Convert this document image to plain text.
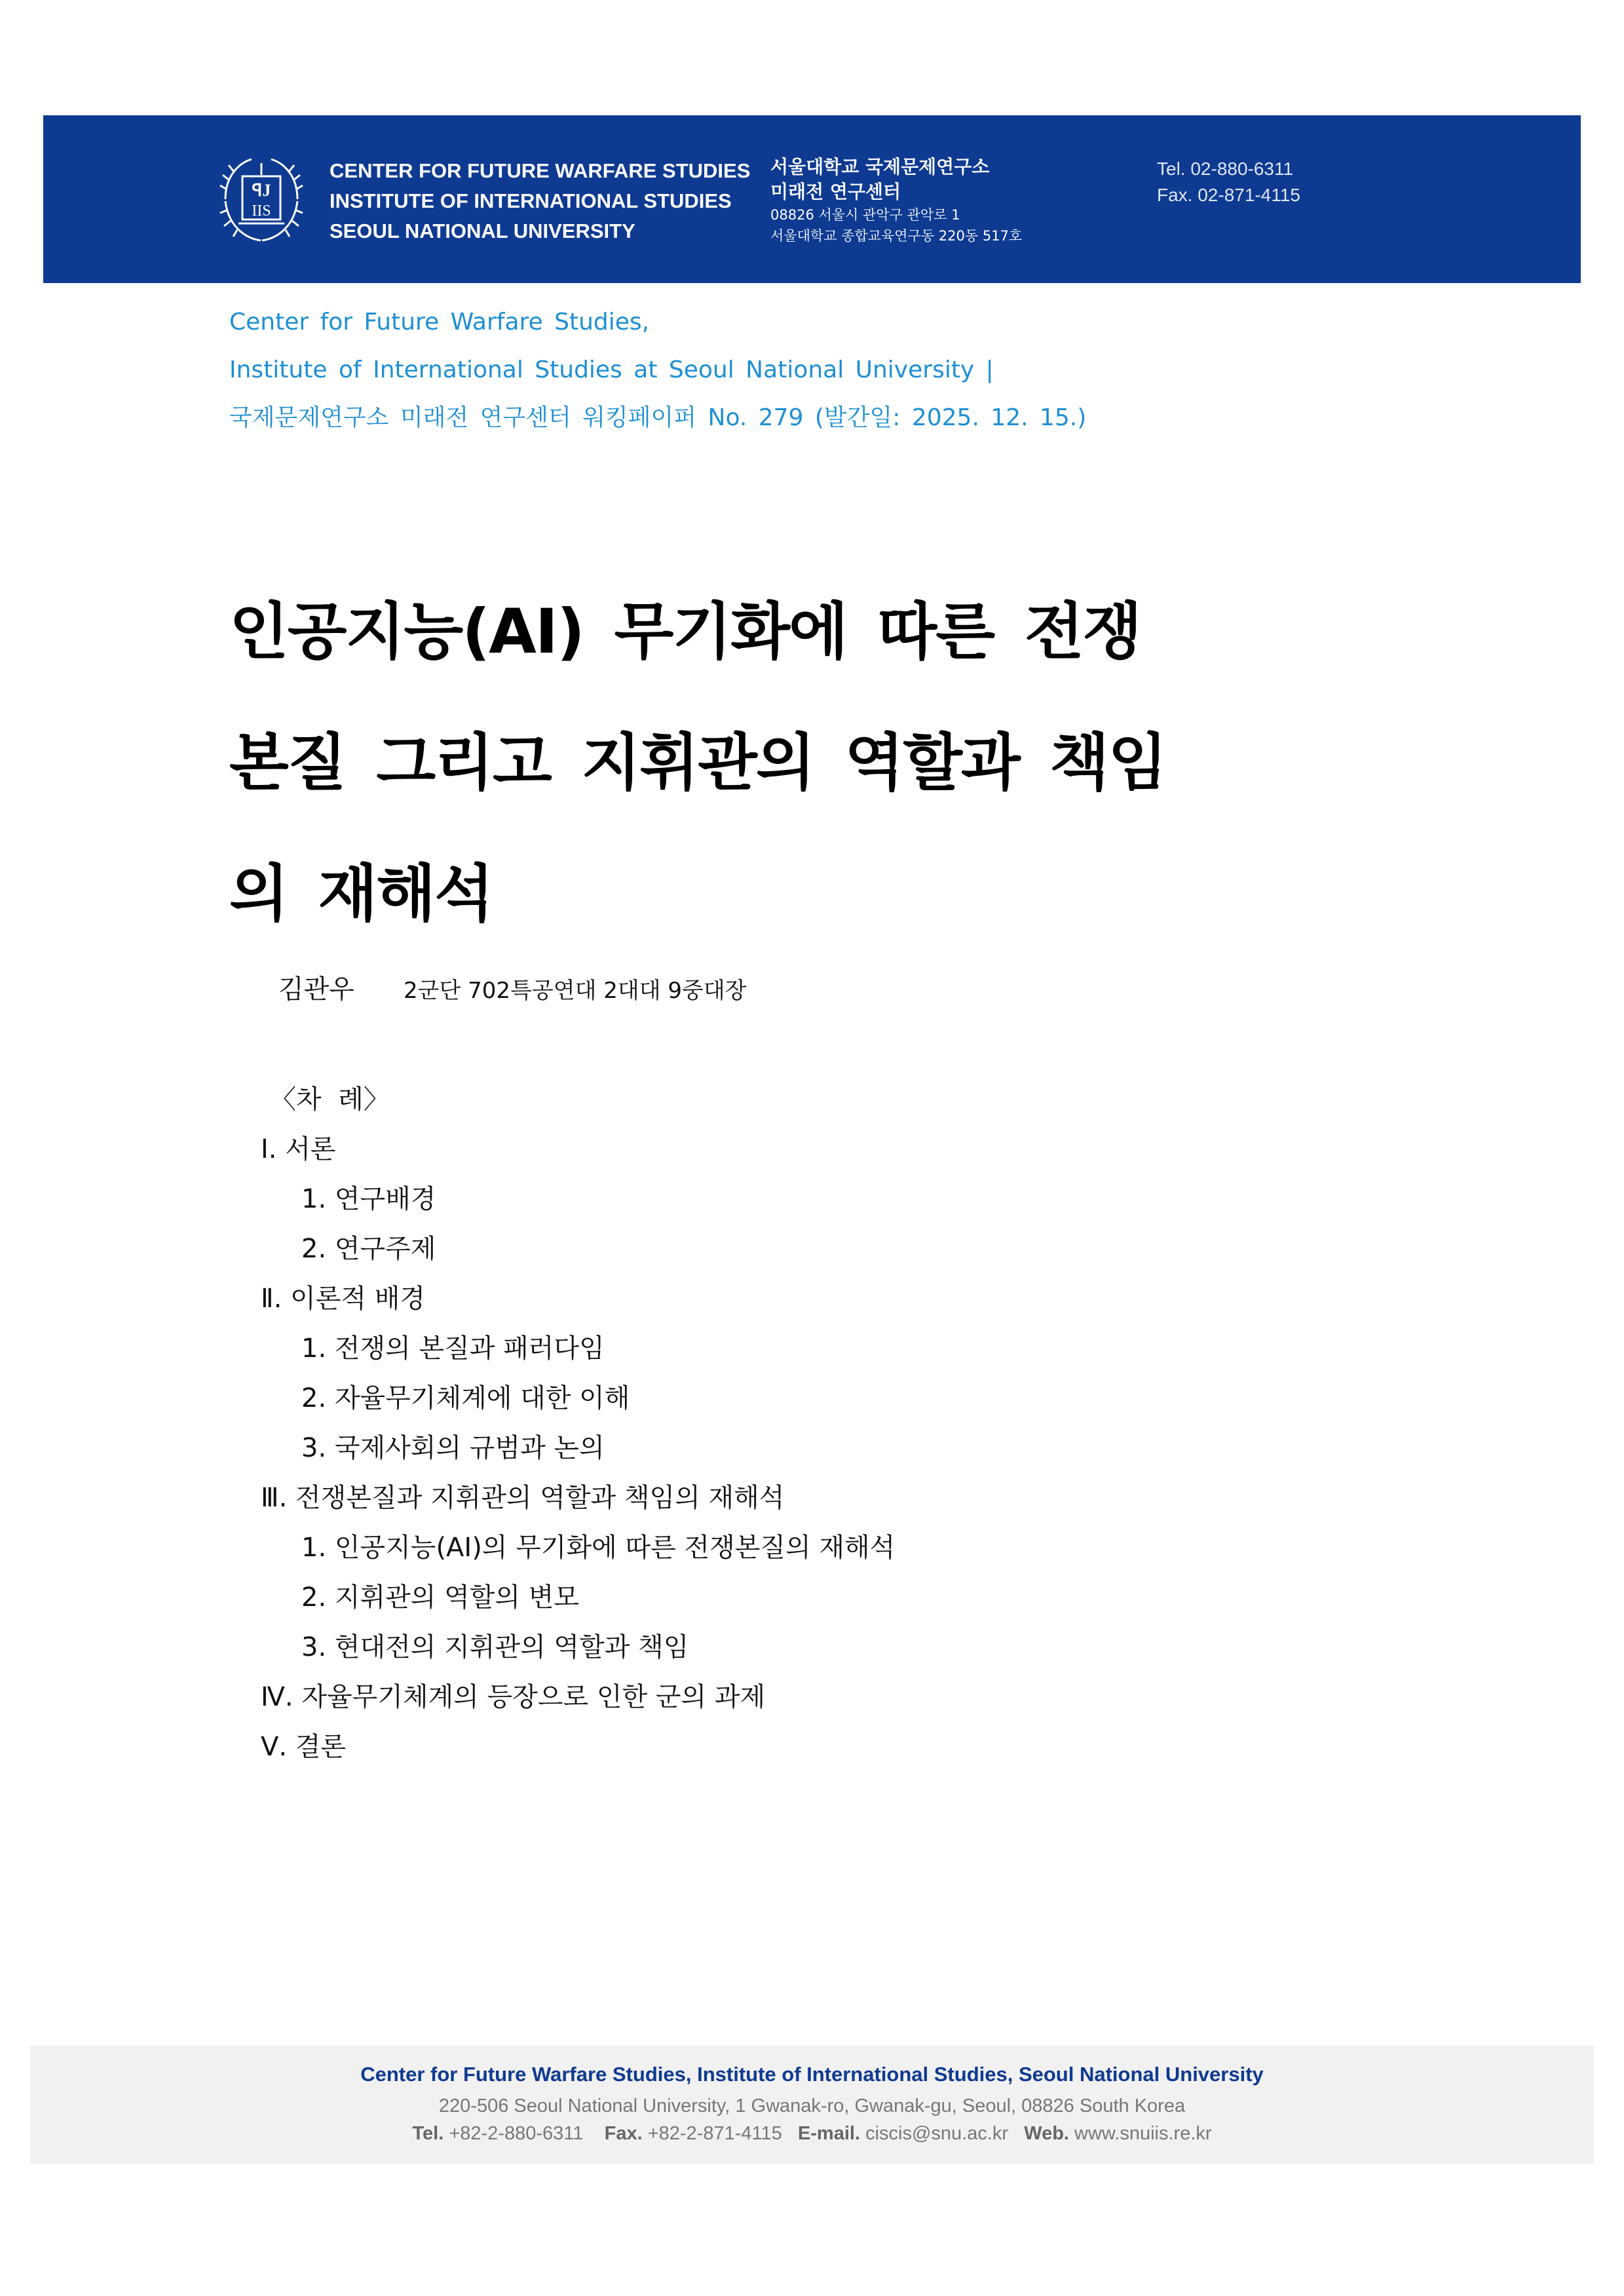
ꟼJ
IIS
CENTER FOR FUTURE WARFARE STUDIES
INSTITUTE OF INTERNATIONAL STUDIES
SEOUL NATIONAL UNIVERSITY
서울대학교 국제문제연구소
미래전 연구센터
08826 서울시 관악구 관악로 1
서울대학교 종합교육연구동 220동 517호
Tel. 02-880-6311
Fax. 02-871-4115
Center for Future Warfare Studies,
Institute of International Studies at Seoul National University |
국제문제연구소 미래전 연구센터 워킹페이퍼 No. 279 (발간일: 2025. 12. 15.)
인공지능(AI) 무기화에 따른 전쟁
본질 그리고 지휘관의 역할과 책임
의 재해석
김관우 2군단 702특공연대 2대대 9중대장
〈차  례〉
Ⅰ. 서론
1. 연구배경
2. 연구주제
Ⅱ. 이론적 배경
1. 전쟁의 본질과 패러다임
2. 자율무기체계에 대한 이해
3. 국제사회의 규범과 논의
Ⅲ. 전쟁본질과 지휘관의 역할과 책임의 재해석
1. 인공지능(AI)의 무기화에 따른 전쟁본질의 재해석
2. 지휘관의 역할의 변모
3. 현대전의 지휘관의 역할과 책임
Ⅳ. 자율무기체계의 등장으로 인한 군의 과제
Ⅴ. 결론
Center for Future Warfare Studies, Institute of International Studies, Seoul National University
220-506 Seoul National University, 1 Gwanak-ro, Gwanak-gu, Seoul, 08826 South Korea
Tel. +82-2-880-6311 Fax. +82-2-871-4115 E-mail. ciscis@snu.ac.kr Web. www.snuiis.re.kr
